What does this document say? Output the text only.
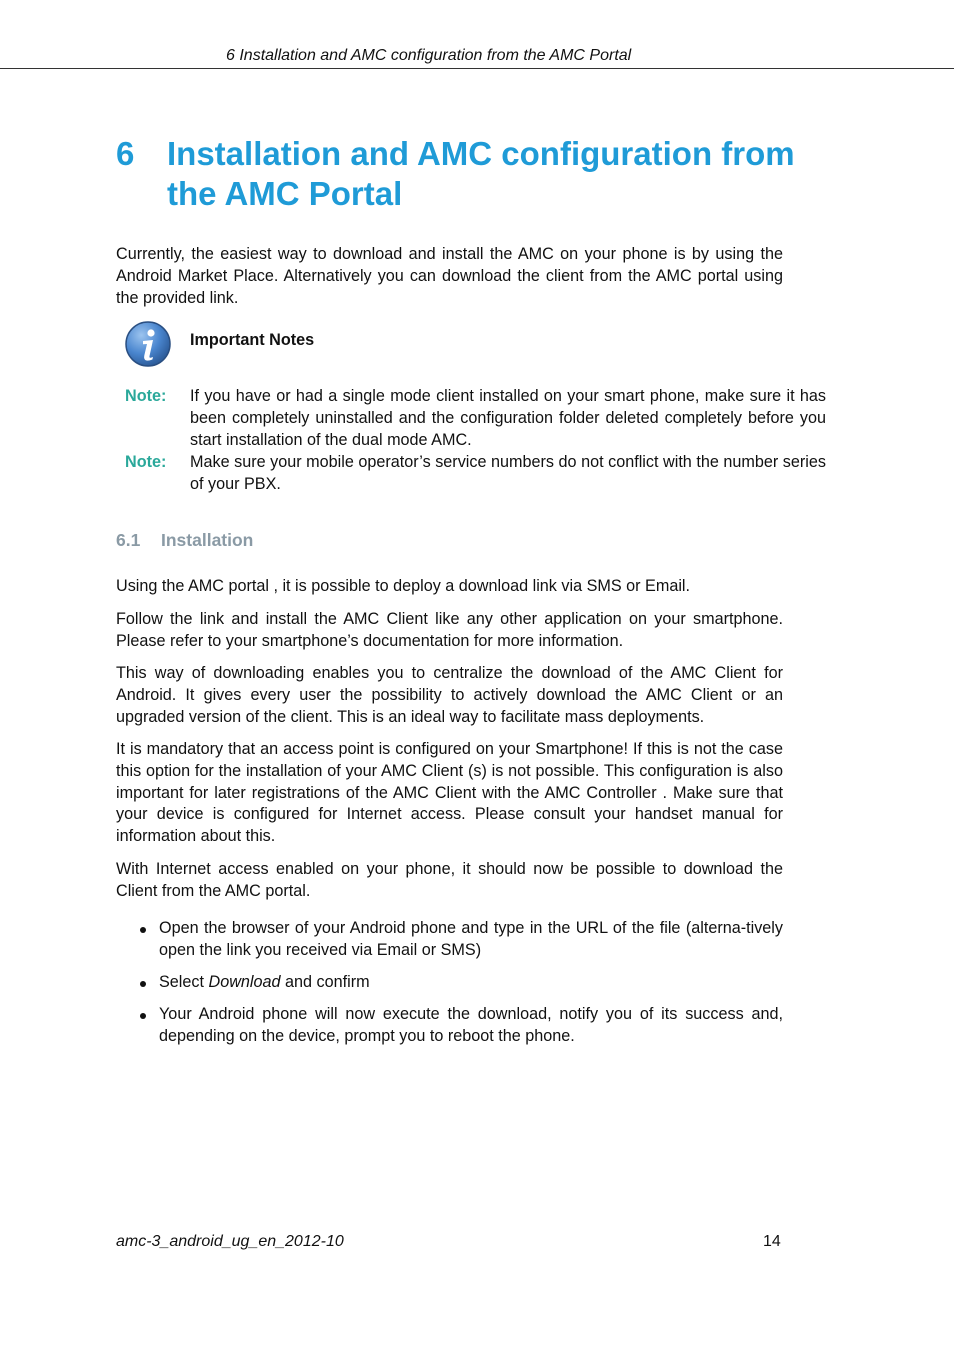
6 Installation and AMC configuration from the AMC Portal
6 Installation and AMC configuration from the AMC Portal

Currently, the easiest way to download and install the AMC on your phone is by using the Android Market Place. Alternatively you can download the client from the AMC portal using the provided link.

Important Notes
Note: If you have or had a single mode client installed on your smart phone, make sure it has been completely uninstalled and the configuration folder deleted completely before you start installation of the dual mode AMC.
Note: Make sure your mobile operator’s service numbers do not conflict with the number series of your PBX.
6.1 Installation

Using the AMC portal , it is possible to deploy a download link via SMS or Email.

Follow the link and install the AMC Client like any other application on your smartphone. Please refer to your smartphone’s documentation for more information.

This way of downloading enables you to centralize the download of the AMC Client for Android. It gives every user the possibility to actively download the AMC Client or an upgraded version of the client. This is an ideal way to facilitate mass deployments.

It is mandatory that an access point is configured on your Smartphone! If this is not the case this option for the installation of your AMC Client (s) is not possible. This configuration is also important for later registrations of the AMC Client with the AMC Controller . Make sure that your device is configured for Internet access. Please consult your handset manual for information about this.

With Internet access enabled on your phone, it should now be possible to download the Client from the AMC portal.

Open the browser of your Android phone and type in the URL of the file (alterna-tively open the link you received via Email or SMS)
Select Download and confirm
Your Android phone will now execute the download, notify you of its success and, depending on the device, prompt you to reboot the phone.
amc-3_android_ug_en_2012-10	14
